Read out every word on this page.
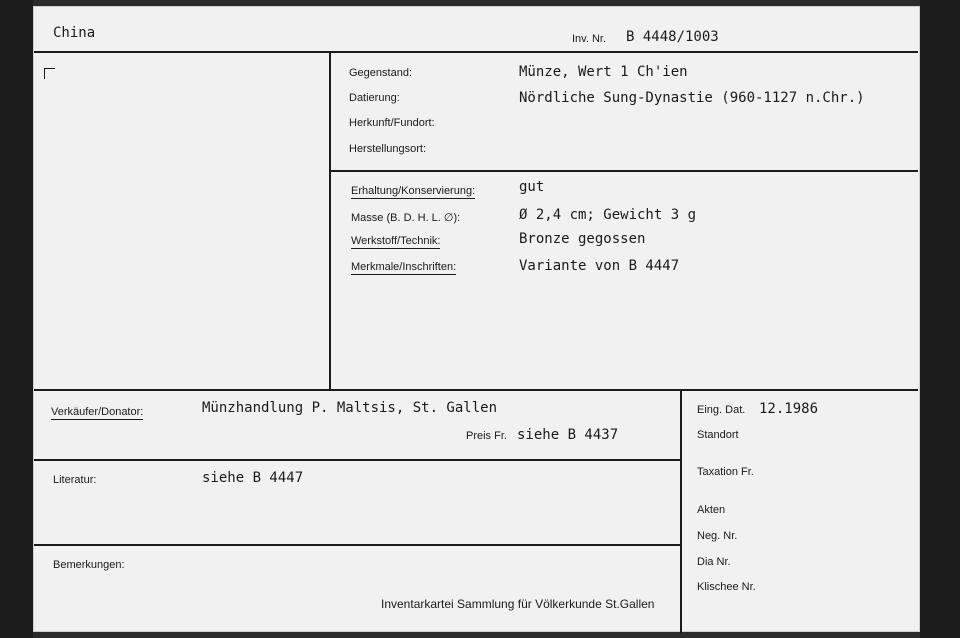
China	Inv. Nr. B 4448/1003
Gegenstand:	Münze, Wert 1 Ch'ien
Datierung:	Nördliche Sung-Dynastie (960-1127 n.Chr.)
Herkunft/Fundort:
Herstellungsort:
Erhaltung/Konservierung:	gut
Masse (B. D. H. L. ∅):	Ø 2,4 cm; Gewicht 3 g
Werkstoff/Technik:	Bronze gegossen
Merkmale/Inschriften:	Variante von B 4447
Verkäufer/Donator:	Münzhandlung P. Maltsis, St. Gallen
Preis Fr. siehe B 4437
Literatur:	siehe B 4447
Bemerkungen:
Inventarkartei Sammlung für Völkerkunde St.Gallen
Eing. Dat. 12.1986
Standort
Taxation Fr.
Akten
Neg. Nr.
Dia Nr.
Klischee Nr.
